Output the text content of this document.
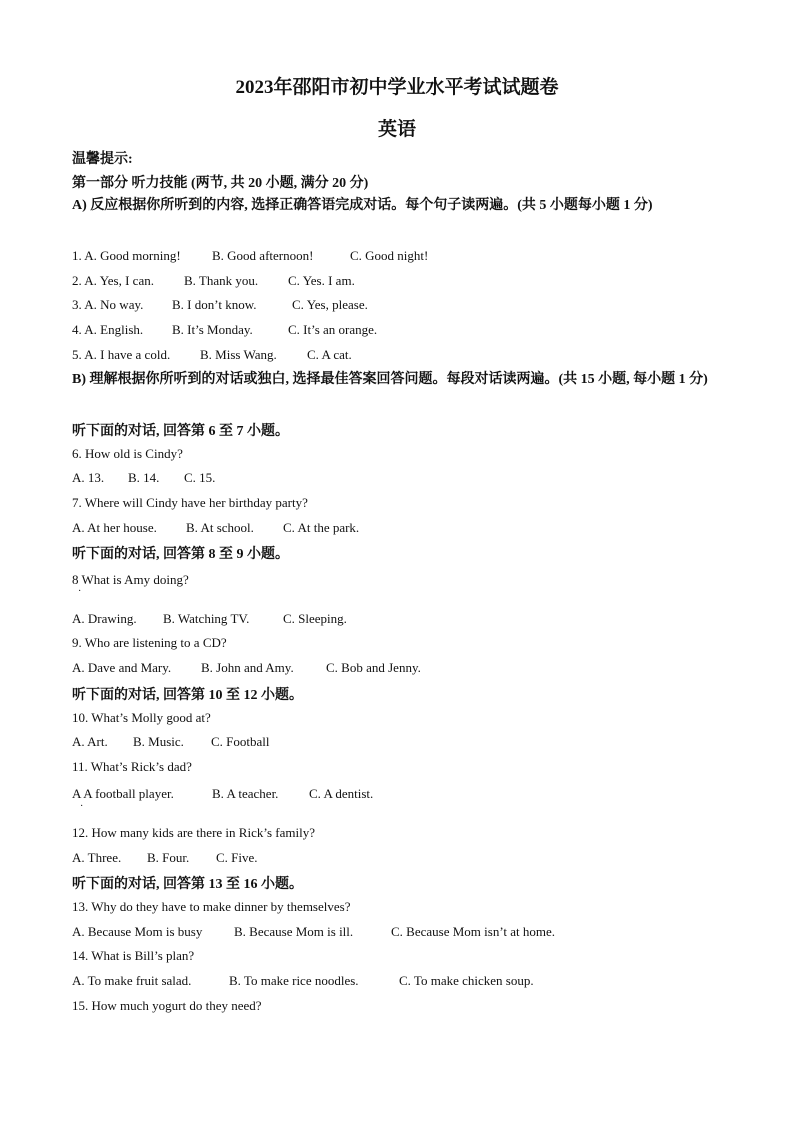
2023年邵阳市初中学业水平考试试题卷
英语
温馨提示:
第一部分 听力技能 (两节, 共 20 小题, 满分 20 分)
A) 反应根据你所听到的内容, 选择正确答语完成对话。每个句子读两遍。(共 5 小题每小题 1 分)
1. A. Good morning! B. Good afternoon!	C. Good night!
2. A. Yes, I can. B. Thank you. C. Yes. I am.
3. A. No way. B. I don’t know.	C. Yes, please.
4. A. English. B. It’s Monday.	C. It’s an orange.
5. A. I have a cold. B. Miss Wang. C. A cat.
B) 理解根据你所听到的对话或独白, 选择最佳答案回答问题。每段对话读两遍。(共 15 小题, 每小题 1 分)
听下面的对话, 回答第 6 至 7 小题。
6. How old is Cindy?
A. 13. B. 14. C. 15.
7. Where will Cindy have her birthday party?
A. At her house. B. At school. C. At the park.
听下面的对话, 回答第 8 至 9 小题。
8 What is Amy doing?
·
A. Drawing. B. Watching TV.	C. Sleeping.
9. Who are listening to a CD?
A. Dave and Mary. B. John and Amy. C. Bob and Jenny.
听下面的对话, 回答第 10 至 12 小题。
10. What’s Molly good at?
A. Art. B. Music. C. Football
11. What’s Rick’s dad?
A A football player.	B. A teacher. C. A dentist.
·
12. How many kids are there in Rick’s family?
A. Three. B. Four. C. Five.
听下面的对话, 回答第 13 至 16 小题。
13. Why do they have to make dinner by themselves?
A. Because Mom is busy B. Because Mom is ill.	C. Because Mom isn’t at home.
14. What is Bill’s plan?
A. To make fruit salad.	B. To make rice noodles.	C. To make chicken soup.
15. How much yogurt do they need?
